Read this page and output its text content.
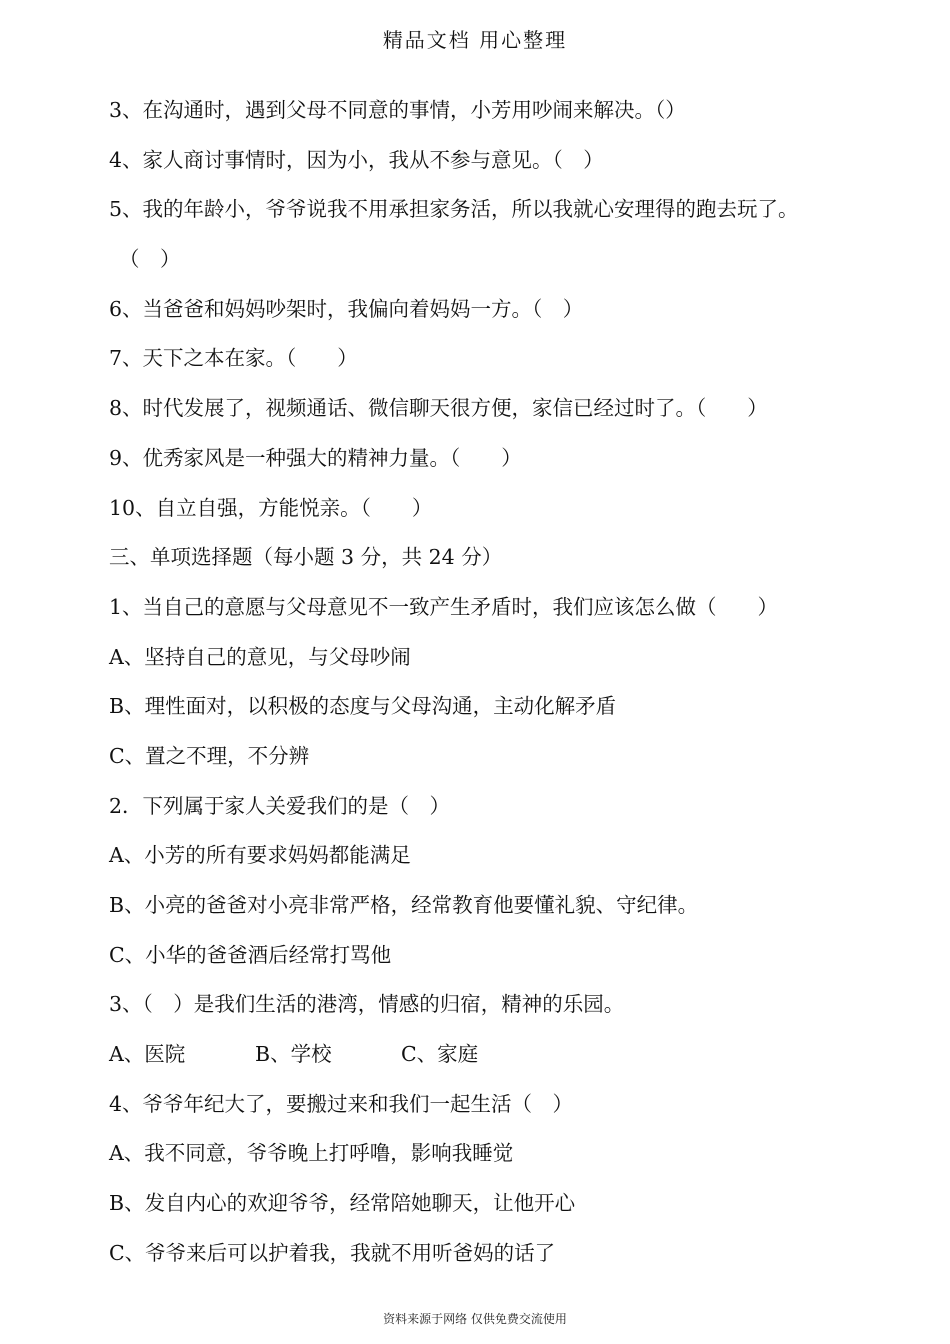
精品文档 用心整理
3、在沟通时，遇到父母不同意的事情，小芳用吵闹来解决。（）
4、家人商讨事情时，因为小，我从不参与意见。（　）
5、我的年龄小，爷爷说我不用承担家务活，所以我就心安理得的跑去玩了。
（　）
6、当爸爸和妈妈吵架时，我偏向着妈妈一方。（　）
7、天下之本在家。（　　）
8、时代发展了，视频通话、微信聊天很方便，家信已经过时了。（　　）
9、优秀家风是一种强大的精神力量。（　　）
10、自立自强，方能悦亲。（　　）
三、单项选择题（每小题 3 分，共 24 分）
1、当自己的意愿与父母意见不一致产生矛盾时，我们应该怎么做（　　）
A、坚持自己的意见，与父母吵闹
B、理性面对，以积极的态度与父母沟通，主动化解矛盾
C、置之不理，不分辨
2．下列属于家人关爱我们的是（　）
A、小芳的所有要求妈妈都能满足
B、小亮的爸爸对小亮非常严格，经常教育他要懂礼貌、守纪律。
C、小华的爸爸酒后经常打骂他
3、（　）是我们生活的港湾，情感的归宿，精神的乐园。
A、医院	B、学校	C、家庭
4、爷爷年纪大了，要搬过来和我们一起生活（　）
A、我不同意，爷爷晚上打呼噜，影响我睡觉
B、发自内心的欢迎爷爷，经常陪她聊天，让他开心
C、爷爷来后可以护着我，我就不用听爸妈的话了
资料来源于网络 仅供免费交流使用
